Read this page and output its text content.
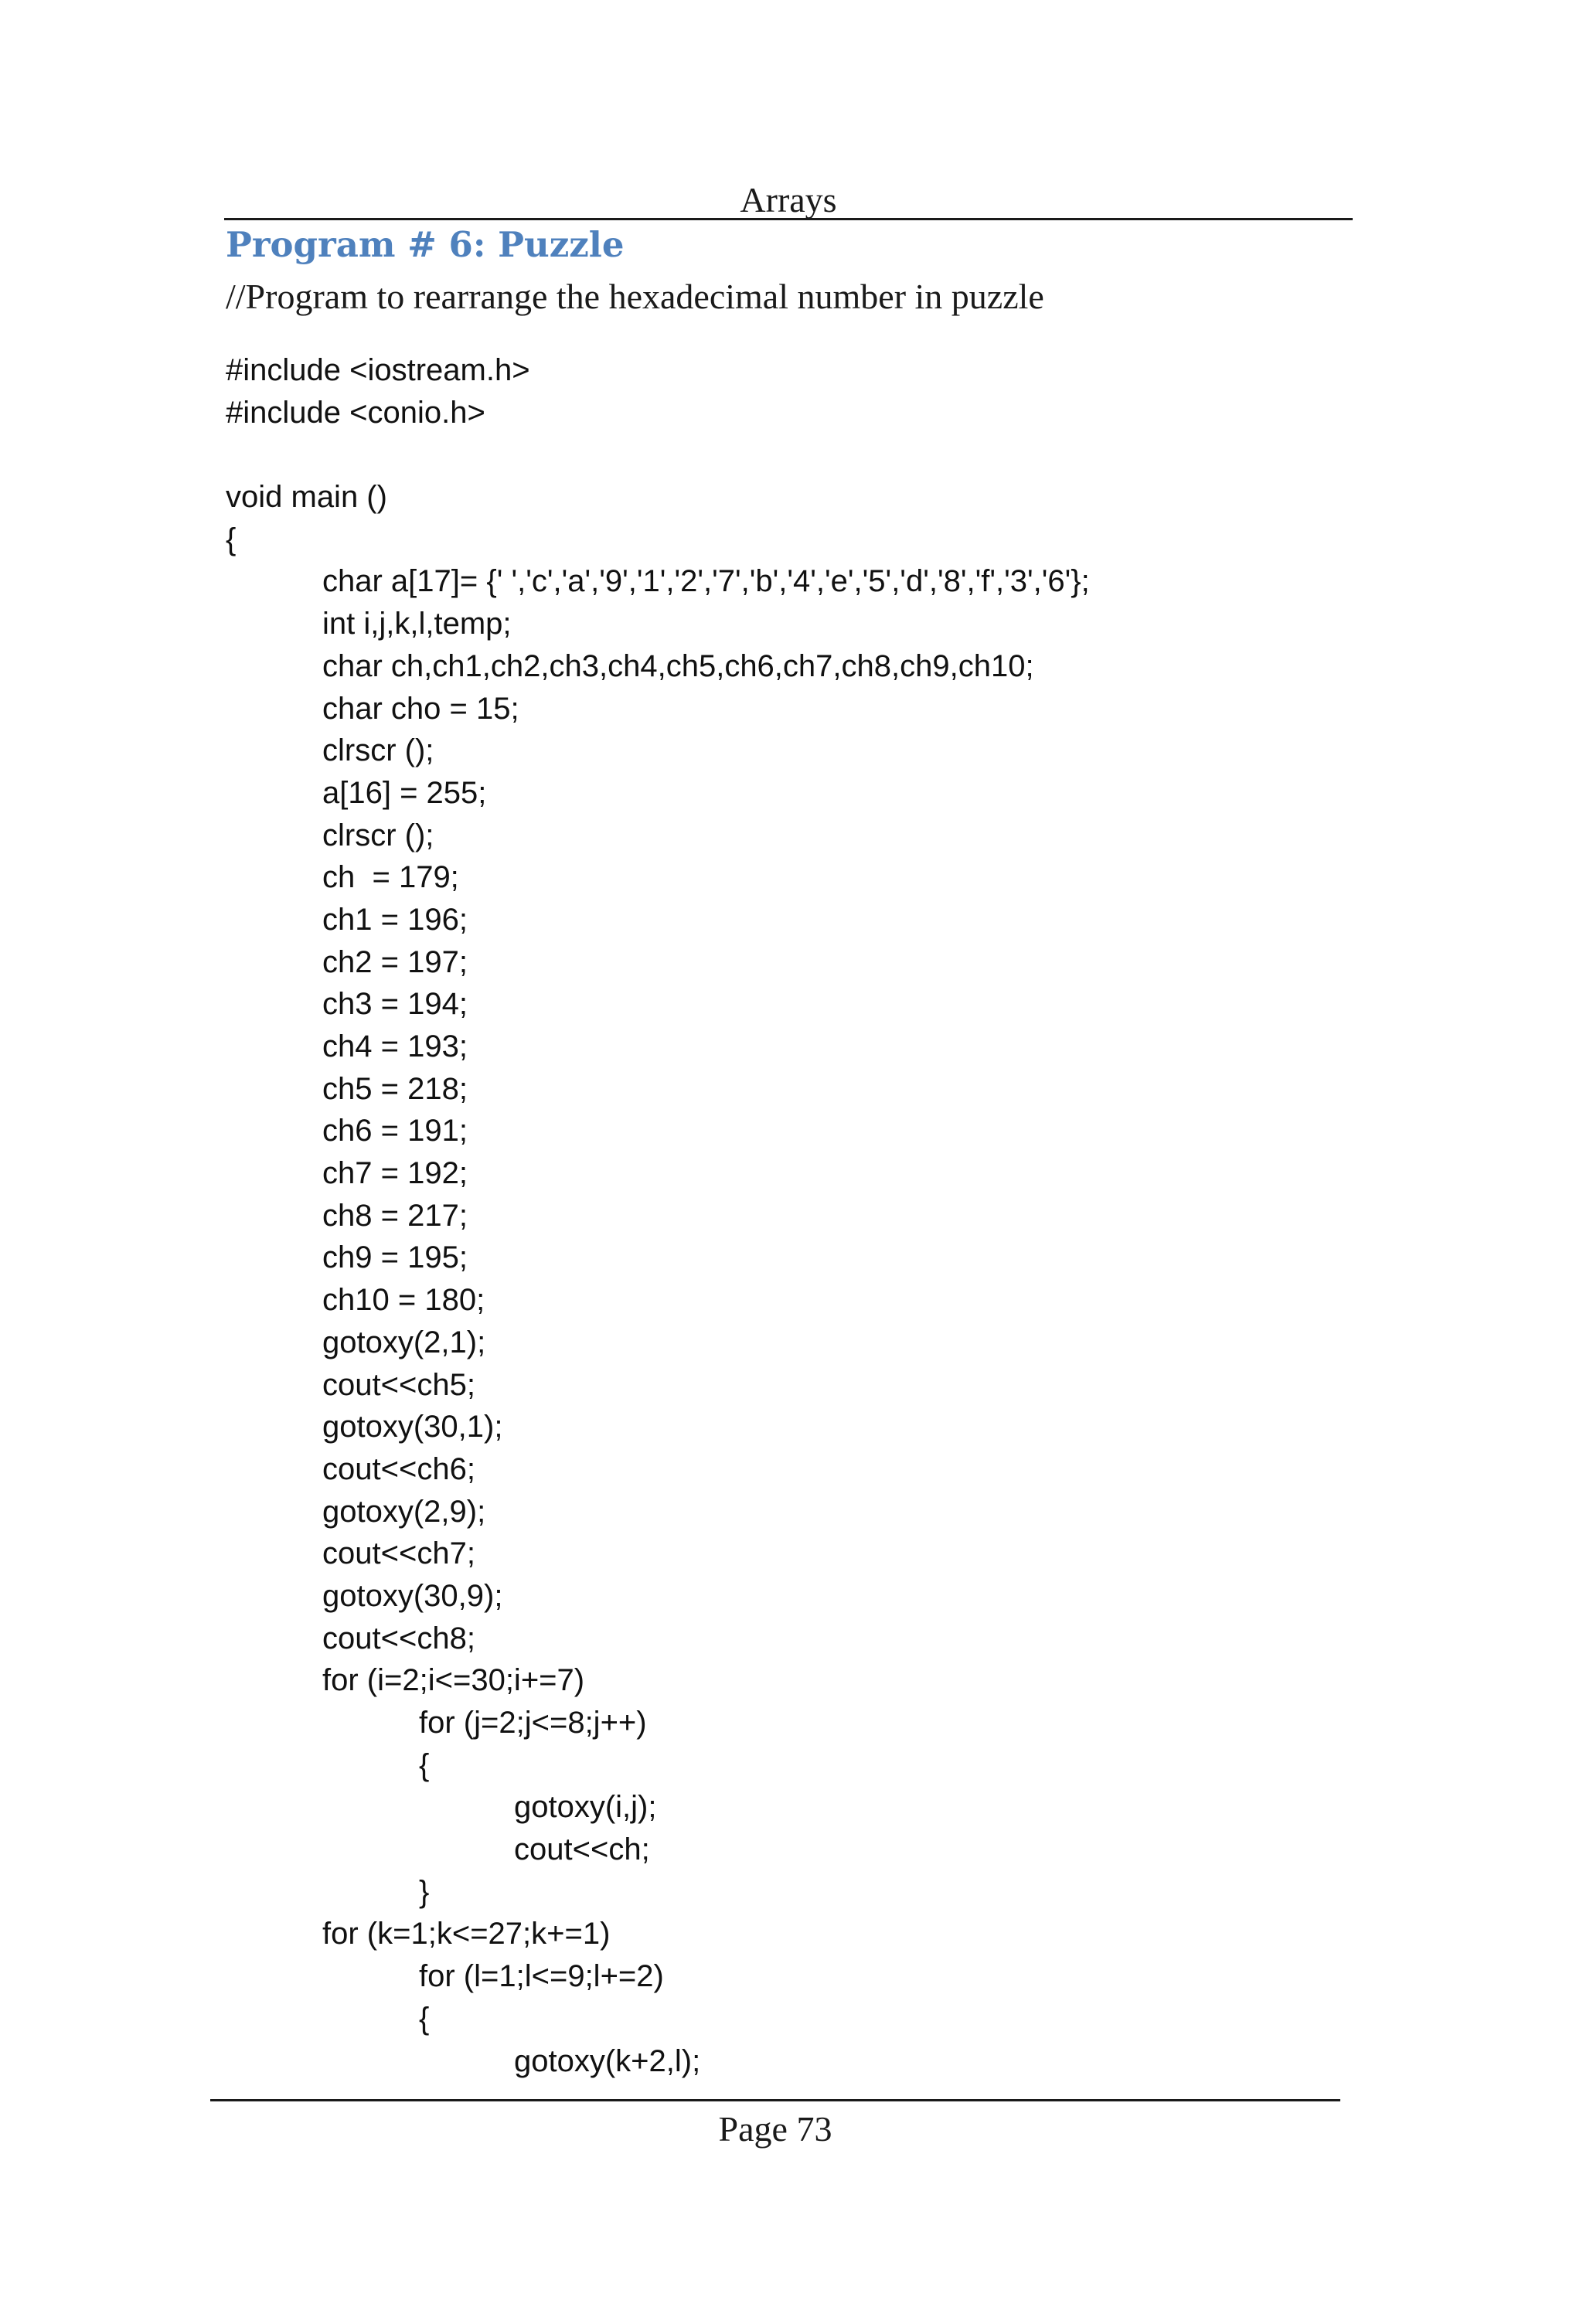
Arrays
Program # 6: Puzzle
//Program to rearrange the hexadecimal number in puzzle
#include <iostream.h>
#include <conio.h>
void main ()
{
char a[17]= {' ','c','a','9','1','2','7','b','4','e','5','d','8','f','3','6'};
int i,j,k,l,temp;
char ch,ch1,ch2,ch3,ch4,ch5,ch6,ch7,ch8,ch9,ch10;
char cho = 15;
clrscr ();
a[16] = 255;
clrscr ();
ch  = 179;
ch1 = 196;
ch2 = 197;
ch3 = 194;
ch4 = 193;
ch5 = 218;
ch6 = 191;
ch7 = 192;
ch8 = 217;
ch9 = 195;
ch10 = 180;
gotoxy(2,1);
cout<<ch5;
gotoxy(30,1);
cout<<ch6;
gotoxy(2,9);
cout<<ch7;
gotoxy(30,9);
cout<<ch8;
for (i=2;i<=30;i+=7)
for (j=2;j<=8;j++)
{
gotoxy(i,j);
cout<<ch;
}
for (k=1;k<=27;k+=1)
for (l=1;l<=9;l+=2)
{
gotoxy(k+2,l);
Page 73
